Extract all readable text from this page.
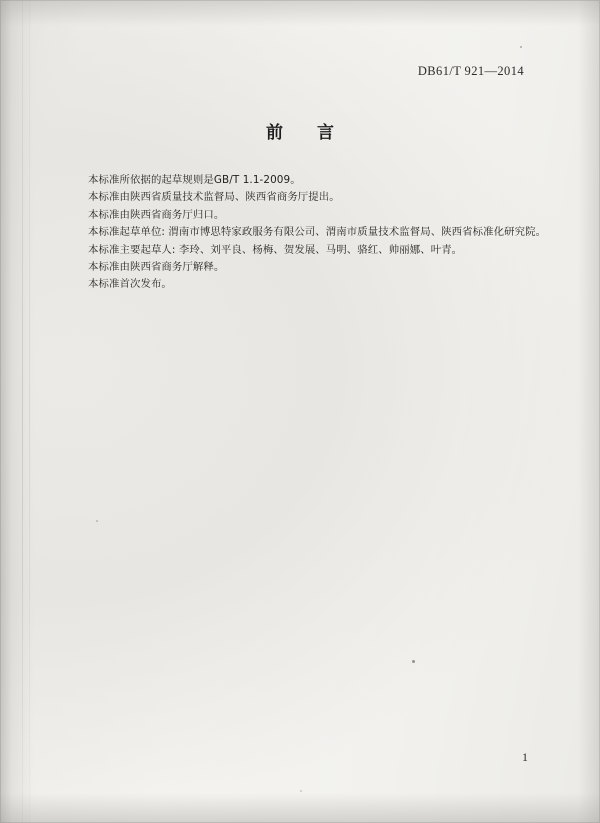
DB61/T 921—2014
前 言
本标准所依据的起草规则是GB/T 1.1-2009。
本标准由陕西省质量技术监督局、陕西省商务厅提出。
本标准由陕西省商务厅归口。
本标准起草单位: 渭南市博思特家政服务有限公司、渭南市质量技术监督局、陕西省标准化研究院。
本标准主要起草人: 李玲、刘平良、杨梅、贺发展、马明、骆红、帅丽娜、叶青。
本标准由陕西省商务厅解释。
本标准首次发布。
1
